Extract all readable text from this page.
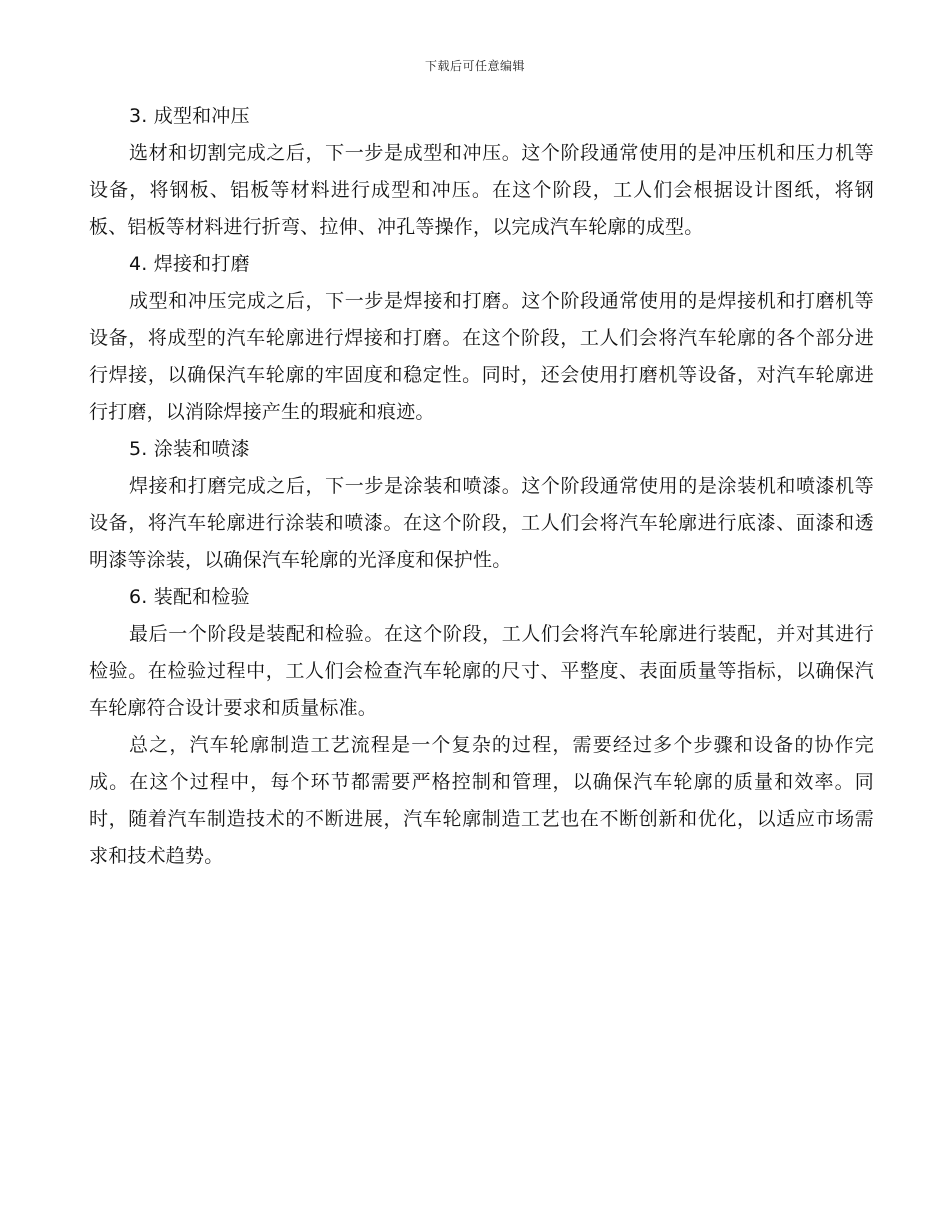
下载后可任意编辑
3. 成型和冲压

选材和切割完成之后，下一步是成型和冲压。这个阶段通常使用的是冲压机和压力机等设备，将钢板、铝板等材料进行成型和冲压。在这个阶段，工人们会根据设计图纸，将钢板、铝板等材料进行折弯、拉伸、冲孔等操作，以完成汽车轮廓的成型。

4. 焊接和打磨

成型和冲压完成之后，下一步是焊接和打磨。这个阶段通常使用的是焊接机和打磨机等设备，将成型的汽车轮廓进行焊接和打磨。在这个阶段，工人们会将汽车轮廓的各个部分进行焊接，以确保汽车轮廓的牢固度和稳定性。同时，还会使用打磨机等设备，对汽车轮廓进行打磨，以消除焊接产生的瑕疵和痕迹。

5. 涂装和喷漆

焊接和打磨完成之后，下一步是涂装和喷漆。这个阶段通常使用的是涂装机和喷漆机等设备，将汽车轮廓进行涂装和喷漆。在这个阶段，工人们会将汽车轮廓进行底漆、面漆和透明漆等涂装，以确保汽车轮廓的光泽度和保护性。

6. 装配和检验

最后一个阶段是装配和检验。在这个阶段，工人们会将汽车轮廓进行装配，并对其进行检验。在检验过程中，工人们会检查汽车轮廓的尺寸、平整度、表面质量等指标，以确保汽车轮廓符合设计要求和质量标准。

总之，汽车轮廓制造工艺流程是一个复杂的过程，需要经过多个步骤和设备的协作完成。在这个过程中，每个环节都需要严格控制和管理，以确保汽车轮廓的质量和效率。同时，随着汽车制造技术的不断进展，汽车轮廓制造工艺也在不断创新和优化，以适应市场需求和技术趋势。
